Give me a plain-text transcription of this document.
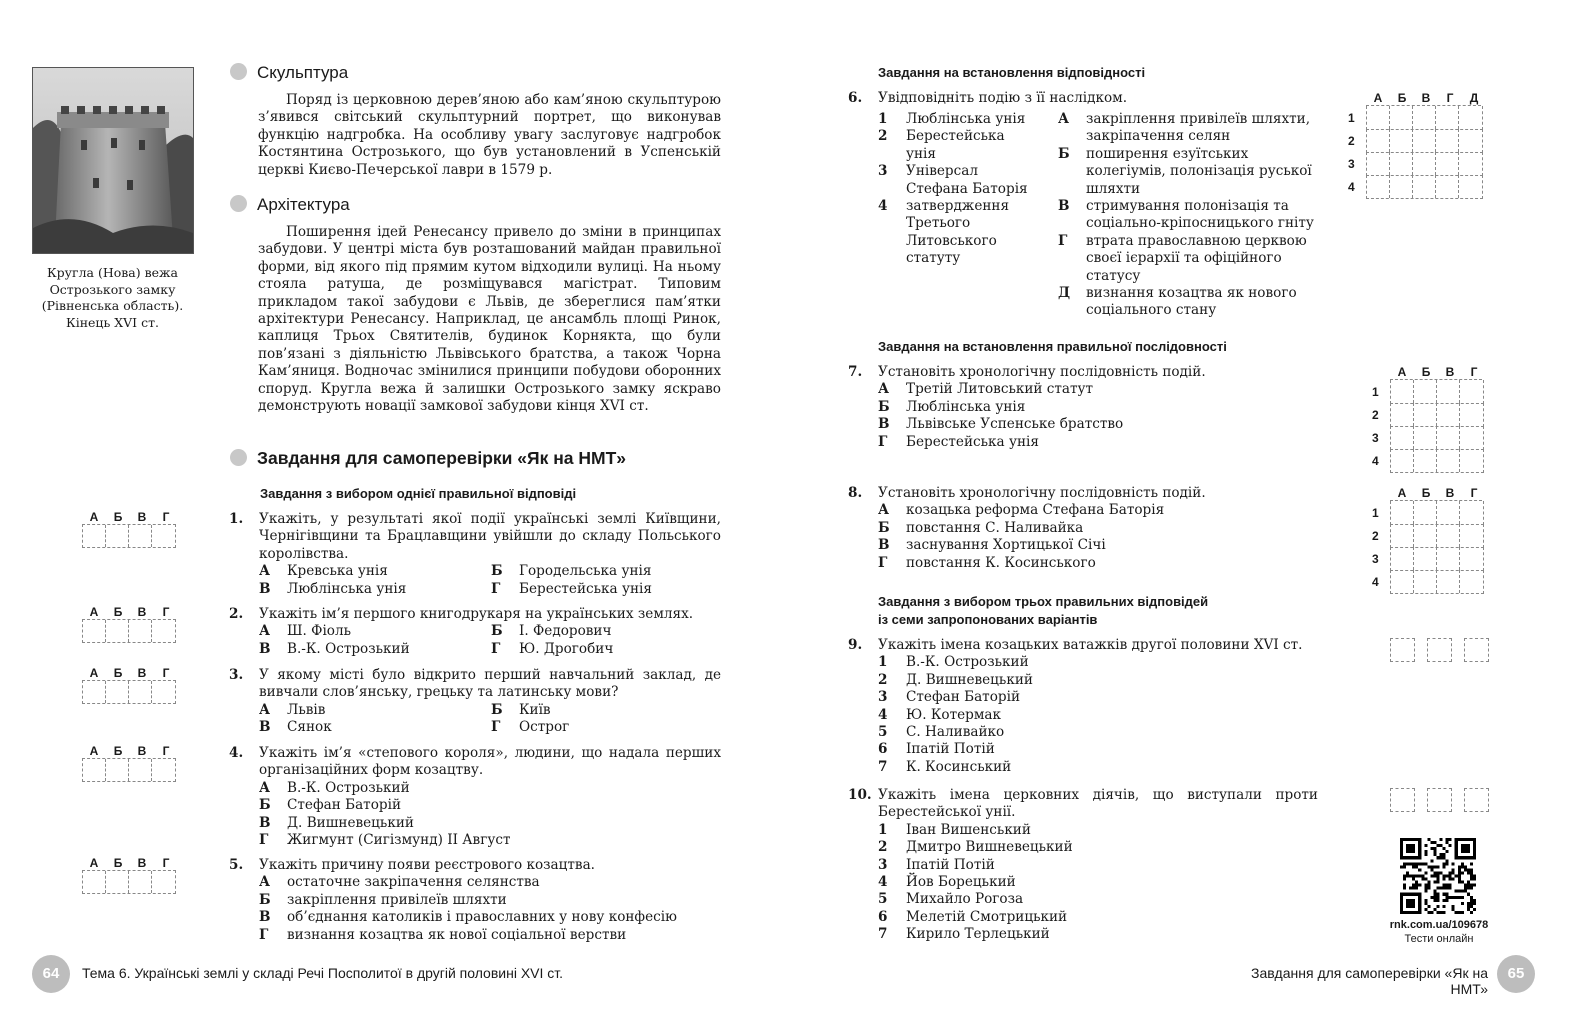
Кругла (Нова) вежа
Острозького замку
(Рівненська область).
Кінець XVI ст.
Скульптура

Поряд із церковною дерев’яною або кам’яною скульптурою з’явився світський скульптурний портрет, що виконував функцію надгробка. На особливу увагу заслуговує надгробок Костянтина Острозького, що був установлений в Успенській церкві Києво-Печерської лаври в 1579 р.

Архітектура

Поширення ідей Ренесансу привело до зміни в принципах забудови. У центрі міста був розташований майдан правильної форми, від якого під прямим кутом відходили вулиці. На ньому стояла ратуша, де розміщувався магістрат. Типовим прикладом такої забудови є Львів, де збереглися пам’ятки архітектури Ренесансу. Наприклад, це ансамбль площі Ринок, каплиця Трьох Святителів, будинок Корнякта, що були пов’язані з діяльністю Львівського братства, а також Чорна Кам’яниця. Водночас змінилися принципи побудови оборонних споруд. Кругла вежа й залишки Острозького замку яскраво демонструють новації замкової забудови кінця XVI ст.

Завдання для самоперевірки «Як на НМТ»
Завдання з вибором однієї правильної відповіді
А	Б	В	Г
А	Б	В	Г
А	Б	В	Г
А	Б	В	Г
А	Б	В	Г
1. Укажіть, у результаті якої події українські землі Київщини, Чернігівщини та Брацлавщини увійшли до складу Польського королівства.
А	Кревська унія	Б	Городельська унія
В	Люблінська унія	Г	Берестейська унія
2. Укажіть ім’я першого книгодрукаря на українських землях.
А	Ш. Фіоль	Б	І. Федорович
В	В.-К. Острозький	Г	Ю. Дрогобич
3. У якому місті було відкрито перший навчальний заклад, де вивчали слов’янську, грецьку та латинську мови?
А	Львів	Б	Київ
В	Сянок	Г	Острог
4. Укажіть ім’я «степового короля», людини, що надала перших організаційних форм козацтву.
А	В.-К. Острозький
Б	Стефан Баторій
В	Д. Вишневецький
Г	Жигмунт (Сигізмунд) II Август
5. Укажіть причину появи реєстрового козацтва.
А	остаточне закріпачення селянства
Б	закріплення привілеїв шляхти
В	об’єднання католиків і православних у нову конфесію
Г	визнання козацтва як нової соціальної верстви
64	Тема 6. Українські землі у складі Речі Посполитої в другій половині XVI ст.
Завдання на встановлення відповідності
6. Увідповідніть подію з її наслідком.
1	Люблінська унія
2	Берестейська унія
3	Універсал Стефана Баторія
4	затвердження Третього Литовського статуту
А	закріплення привілеїв шляхти, закріпачення селян
Б	поширення езуїтських колегіумів, полонізація руської шляхти
В	стримування полонізація та соціально-кріпосницького гніту
Г	втрата православною церквою своєї ієрархії та офіційного статусу
Д	визнання козацтва як нового соціального стану
А	Б	В	Г	Д
1
2
3
4
Завдання на встановлення правильної послідовності
7. Установіть хронологічну послідовність подій.
А	Третій Литовський статут
Б	Люблінська унія
В	Львівське Успенське братство
Г	Берестейська унія
А	Б	В	Г
1
2
3
4
8. Установіть хронологічну послідовність подій.
А	козацька реформа Стефана Баторія
Б	повстання С. Наливайка
В	заснування Хортицької Січі
Г	повстання К. Косинського
А	Б	В	Г
1
2
3
4
Завдання з вибором трьох правильних відповідей
із семи запропонованих варіантів
9. Укажіть імена козацьких ватажків другої половини XVI ст.
1	В.-К. Острозький
2	Д. Вишневецький
3	Стефан Баторій
4	Ю. Котермак
5	С. Наливайко
6	Іпатій Потій
7	К. Косинський
10. Укажіть імена церковних діячів, що виступали проти Берестейської унії.
1	Іван Вишенський
2	Дмитро Вишневецький
3	Іпатій Потій
4	Йов Борецький
5	Михайло Рогоза
6	Мелетій Смотрицький
7	Кирило Терлецький
rnk.com.ua/109678
Тести онлайн
Завдання для самоперевірки «Як на НМТ»
65
